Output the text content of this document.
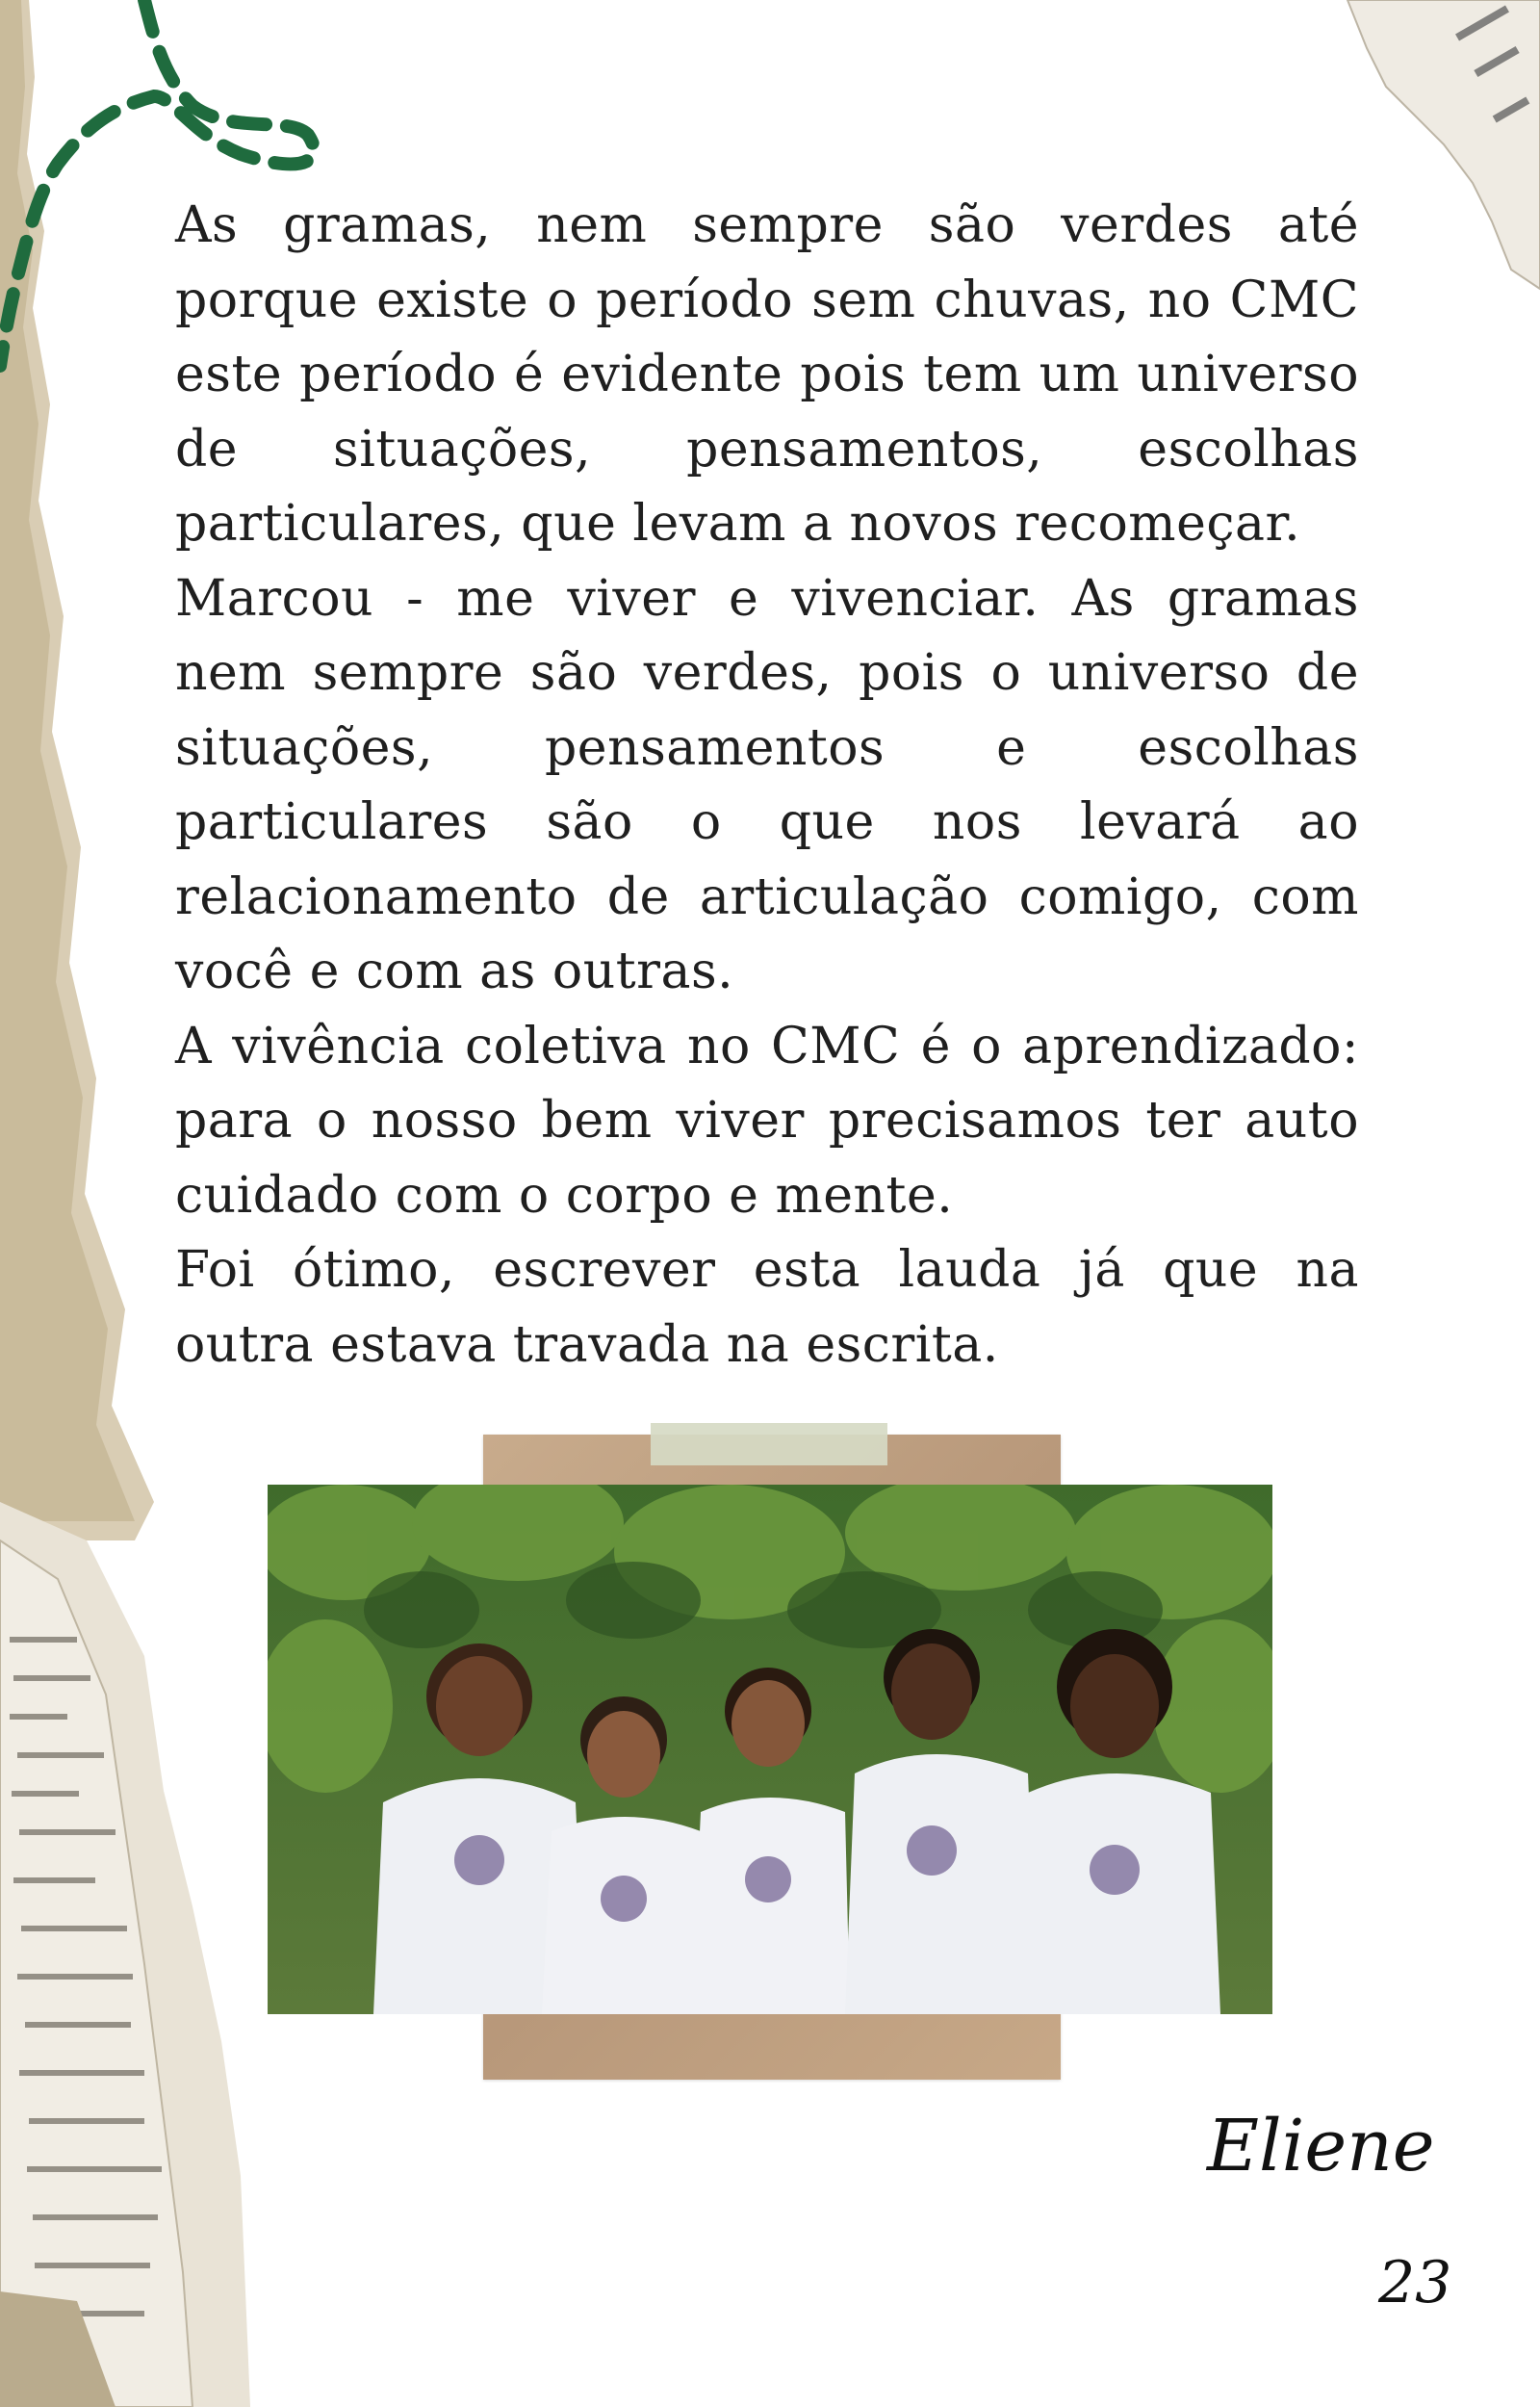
As gramas, nem sempre são verdes até porque existe o período sem chuvas, no CMC este período é evidente pois tem um universo de situações, pensamentos, escolhas particulares, que levam a novos recomeçar.

Marcou - me viver e vivenciar. As gramas nem sempre são verdes, pois o universo de situações, pensamentos e escolhas particulares são o que nos levará ao relacionamento de articulação comigo, com você e com as outras.

A vivência coletiva no CMC é o aprendizado: para o nosso bem viver precisamos ter auto cuidado com o corpo e mente.

Foi ótimo, escrever esta lauda já que na outra estava travada na escrita.

Eliene
23
